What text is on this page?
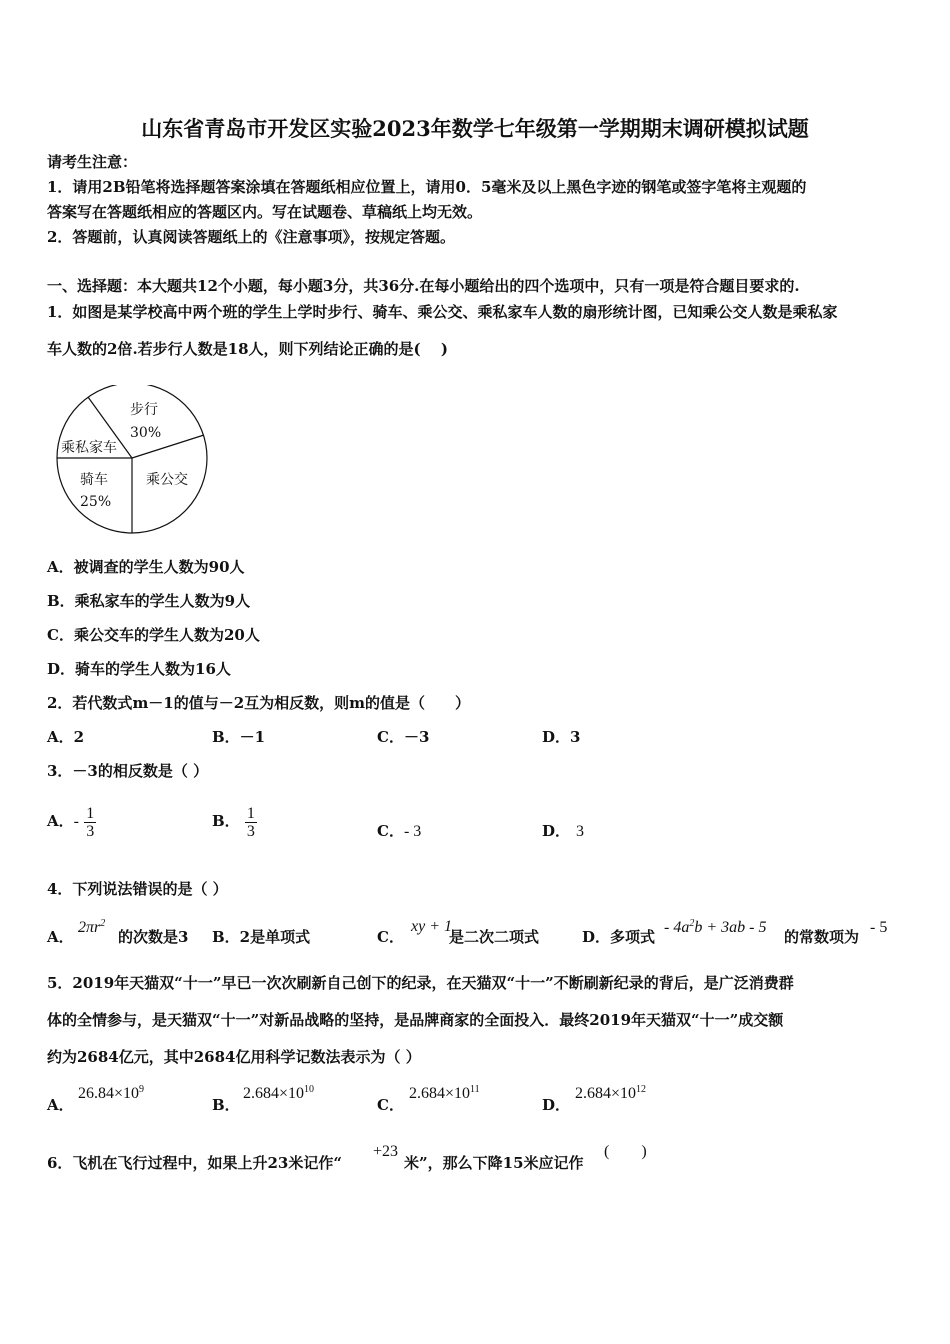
山东省青岛市开发区实验2023年数学七年级第一学期期末调研模拟试题
请考生注意：
1．请用2B铅笔将选择题答案涂填在答题纸相应位置上，请用0．5毫米及以上黑色字迹的钢笔或签字笔将主观题的
答案写在答题纸相应的答题区内。写在试题卷、草稿纸上均无效。
2．答题前，认真阅读答题纸上的《注意事项》，按规定答题。
一、选择题：本大题共12个小题，每小题3分，共36分.在每小题给出的四个选项中，只有一项是符合题目要求的.
1．如图是某学校高中两个班的学生上学时步行、骑车、乘公交、乘私家车人数的扇形统计图，已知乘公交人数是乘私家
车人数的2倍.若步行人数是18人，则下列结论正确的是(　 )
步行
30%
乘私家车
骑车
25%
乘公交
A．被调查的学生人数为90人
B．乘私家车的学生人数为9人
C．乘公交车的学生人数为20人
D．骑车的学生人数为16人
2．若代数式m－1的值与－2互为相反数，则m的值是（　　）
A．2	B．－1	C．－3	D．3
3．－3的相反数是（ ）
A．- $\frac{1}{3}$	B． $\frac{1}{3}$	C．- 3	D． 3
4．下列说法错误的是（ ）
A．
$2\pi r^2$
的次数是3 B．2是单项式	C．
xy + 1
是二次二项式	D．多项式
- $4a^2b + 3ab - 5$
的常数项为
- 5
5．2019年天猫双“十一”早已一次次刷新自己创下的纪录，在天猫双“十一”不断刷新纪录的背后，是广泛消费群
体的全情参与，是天猫双“十一”对新品战略的坚持，是品牌商家的全面投入．最终2019年天猫双“十一”成交额
约为2684亿元，其中2684亿用科学记数法表示为（ ）
A．
$26.84\times 10^9$
B．
$2.684\times 10^{10}$
C．
$2.684\times 10^{11}$
D．
$2.684\times 10^{12}$
6．飞机在飞行过程中，如果上升23米记作“
+23
米”，那么下降15米应记作
(　　)
